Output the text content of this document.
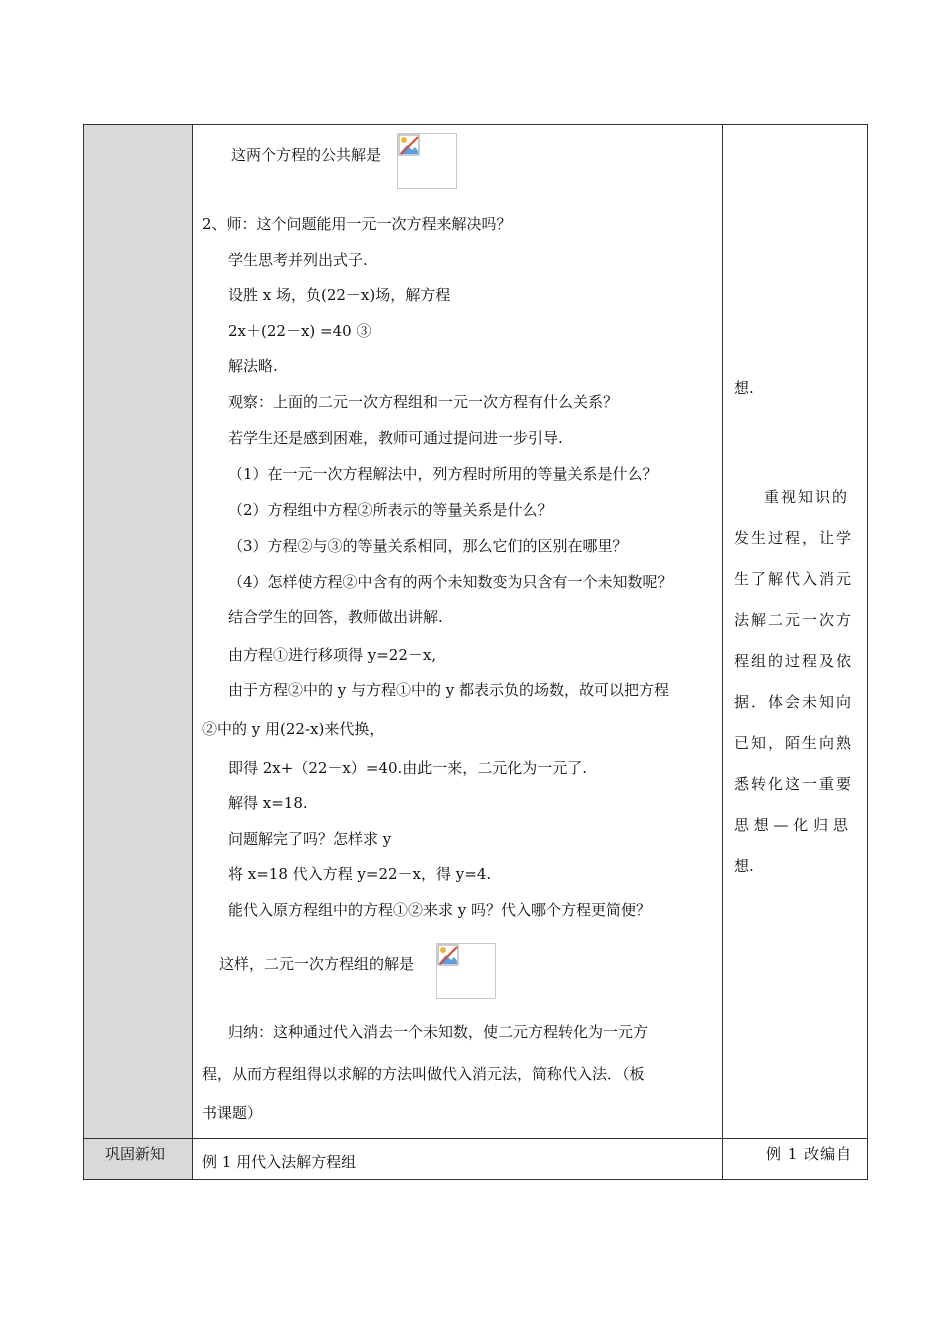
这两个方程的公共解是
2、师：这个问题能用一元一次方程来解决吗？
学生思考并列出式子.
设胜 x 场，负(22－x)场，解方程
2x＋(22－x) =40 ③
解法略.
观察：上面的二元一次方程组和一元一次方程有什么关系？
若学生还是感到困难，教师可通过提问进一步引导.
（1）在一元一次方程解法中，列方程时所用的等量关系是什么？
（2）方程组中方程②所表示的等量关系是什么？
（3）方程②与③的等量关系相同，那么它们的区别在哪里？
（4）怎样使方程②中含有的两个未知数变为只含有一个未知数呢？
结合学生的回答，教师做出讲解.
由方程①进行移项得 y=22－x,
由于方程②中的 y 与方程①中的 y 都表示负的场数，故可以把方程
②中的 y 用(22-x)来代换，
即得 2x+（22－x）=40.由此一来，二元化为一元了.
解得 x=18.
问题解完了吗？怎样求 y
将 x=18 代入方程 y=22－x，得 y=4.
能代入原方程组中的方程①②来求 y 吗？代入哪个方程更简便？
这样，二元一次方程组的解是
归纳：这种通过代入消去一个未知数，使二元方程转化为一元方
程，从而方程组得以求解的方法叫做代入消元法，简称代入法．（板
书课题）
想.
重视知识的
发生过程，让学
生了解代入消元
法解二元一次方
程组的过程及依
据．体会未知向
已知，陌生向熟
悉转化这一重要
思 想 — 化 归 思
想.
巩固新知 例 1 用代入法解方程组	例 1 改编自
